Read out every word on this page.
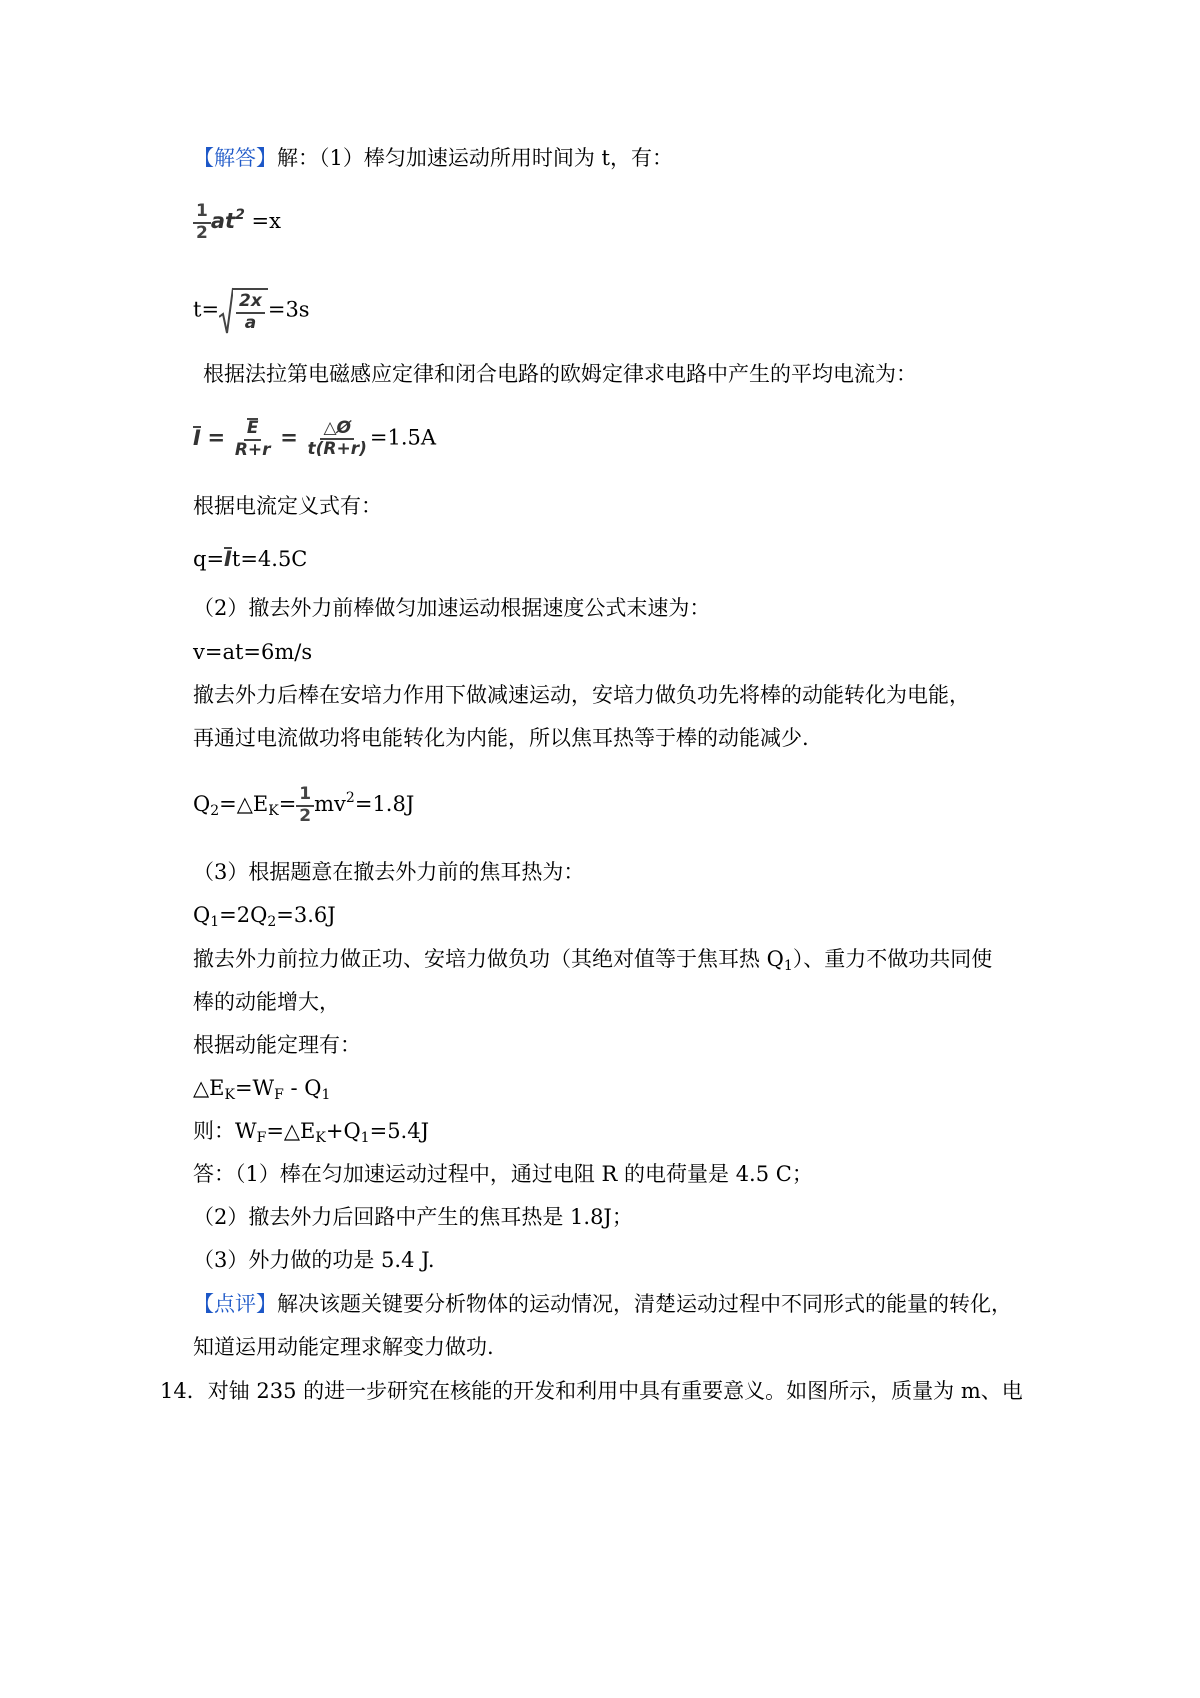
【解答】解：（1）棒匀加速运动所用时间为 t，有：
$\frac{1}{2} at^2 =x$
$t= \frac{2x}{a} =3s$
根据法拉第电磁感应定律和闭合电路的欧姆定律求电路中产生的平均电流为：
$I = \frac{E}{R+r} = \frac{\triangle Ø}{t(R+r)} =1.5A$
根据电流定义式有：
q=It=4.5C
（2）撤去外力前棒做匀加速运动根据速度公式末速为：
v=at=6m/s
撤去外力后棒在安培力作用下做减速运动，安培力做负功先将棒的动能转化为电能，
再通过电流做功将电能转化为内能，所以焦耳热等于棒的动能减少.
$Q_2=\triangle E_K= \frac{1}{2} mv^2=1.8J$
（3）根据题意在撤去外力前的焦耳热为：
$Q_1=2Q_2=3.6J$
撤去外力前拉力做正功、安培力做负功（其绝对值等于焦耳热 $Q_1$）、重力不做功共同使
棒的动能增大，
根据动能定理有：
$\triangle E_K=W_F - Q_1$
则：$W_F=\triangle E_K+Q_1=5.4J$
答：（1）棒在匀加速运动过程中，通过电阻 R 的电荷量是 4.5 C；
（2）撤去外力后回路中产生的焦耳热是 1.8J；
（3）外力做的功是 5.4 J.
【点评】解决该题关键要分析物体的运动情况，清楚运动过程中不同形式的能量的转化，
知道运用动能定理求解变力做功.
14．对铀 235 的进一步研究在核能的开发和利用中具有重要意义。如图所示，质量为 m、电
